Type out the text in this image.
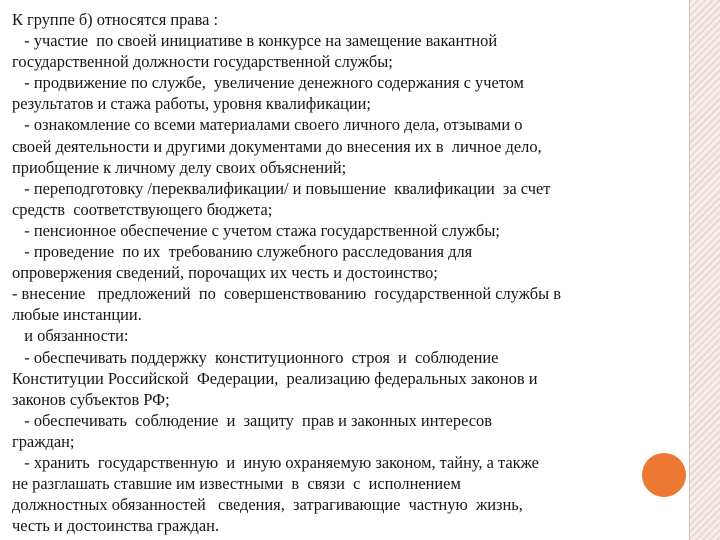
К группе б) относятся права :
- участие  по своей инициативе в конкурсе на замещение вакантной
государственной должности государственной службы;
- продвижение по службе,  увеличение денежного содержания с учетом
результатов и стажа работы, уровня квалификации;
- ознакомление со всеми материалами своего личного дела, отзывами о
своей деятельности и другими документами до внесения их в  личное дело,
приобщение к личному делу своих объяснений;
- переподготовку /переквалификации/ и повышение  квалификации  за счет
средств  соответствующего бюджета;
- пенсионное обеспечение с учетом стажа государственной службы;
- проведение  по их  требованию служебного расследования для
опровержения сведений, порочащих их честь и достоинство;
- внесение   предложений  по  совершенствованию  государственной службы в
любые инстанции.
и обязанности:
- обеспечивать поддержку  конституционного  строя  и  соблюдение
Конституции Российской  Федерации,  реализацию федеральных законов и
законов субъектов РФ;
- обеспечивать  соблюдение  и  защиту  прав и законных интересов
граждан;
- хранить  государственную  и  иную охраняемую законом, тайну, а также
не разглашать ставшие им известными  в  связи  с  исполнением
должностных обязанностей   сведения,  затрагивающие  частную  жизнь,
честь и достоинства граждан.
